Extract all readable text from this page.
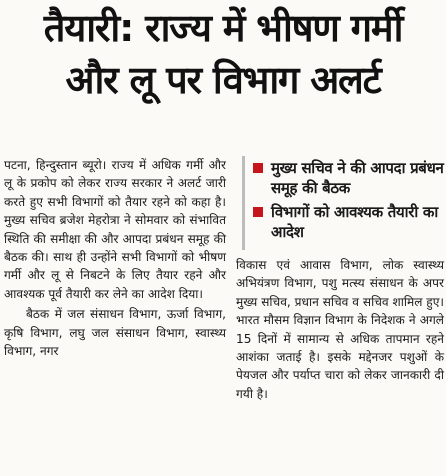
तैयारी: राज्य में भीषण गर्मी
और लू पर विभाग अलर्ट

पटना, हिन्दुस्तान ब्यूरो। राज्य में अधिक गर्मी और लू के प्रकोप को लेकर राज्य सरकार ने अलर्ट जारी करते हुए सभी विभागों को तैयार रहने को कहा है। मुख्य सचिव ब्रजेश मेहरोत्रा ने सोमवार को संभावित स्थिति की समीक्षा की और आपदा प्रबंधन समूह की बैठक की। साथ ही उन्होंने सभी विभागों को भीषण गर्मी और लू से निबटने के लिए तैयार रहने और आवश्यक पूर्व तैयारी कर लेने का आदेश दिया।

बैठक में जल संसाधन विभाग, ऊर्जा विभाग, कृषि विभाग, लघु जल संसाधन विभाग, स्वास्थ्य विभाग, नगर

मुख्य सचिव ने की आपदा प्रबंधन समूह की बैठक
विभागों को आवश्यक तैयारी का आदेश

विकास एवं आवास विभाग, लोक स्वास्थ्य अभियंत्रण विभाग, पशु मत्स्य संसाधन के अपर मुख्य सचिव, प्रधान सचिव व सचिव शामिल हुए। भारत मौसम विज्ञान विभाग के निदेशक ने अगले 15 दिनों में सामान्य से अधिक तापमान रहने आशंका जताई है। इसके मद्देनजर पशुओं के पेयजल और पर्याप्त चारा को लेकर जानकारी दी गयी है।
